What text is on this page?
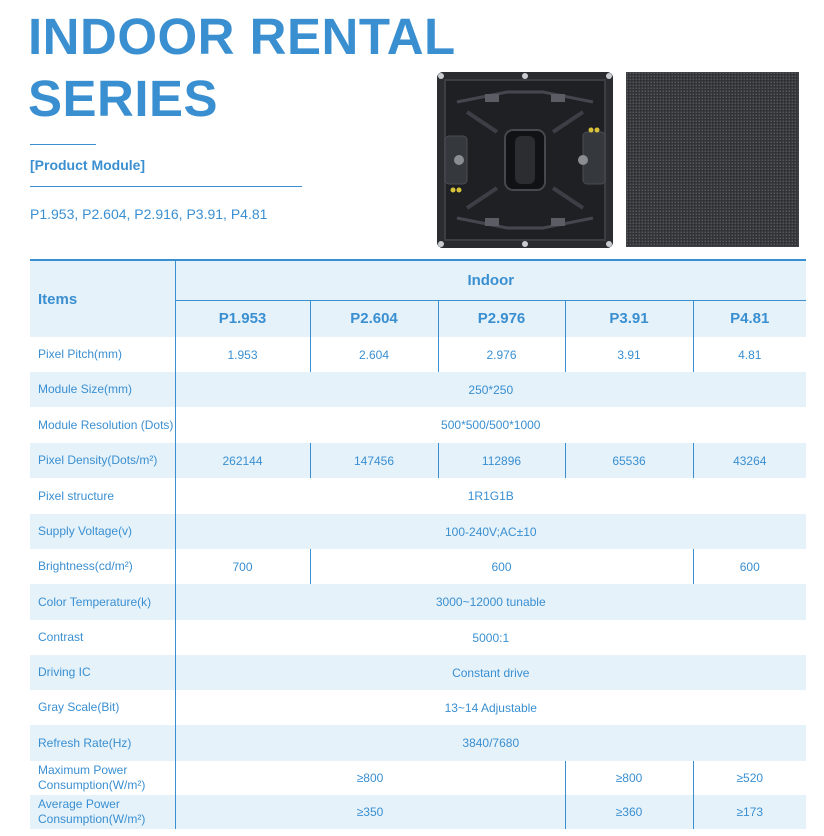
INDOOR RENTAL
SERIES
[Product Module]
P1.953, P2.604, P2.916, P3.91, P4.81
Items	Indoor				
	P1.953	P2.604	P2.976	P3.91	P4.81
Pixel Pitch(mm)	1.953	2.604	2.976	3.91	4.81
Module Size(mm)	250*250				
Module Resolution (Dots)	500*500/500*1000				
Pixel Density(Dots/m²)	262144	147456	112896	65536	43264
Pixel structure	1R1G1B				
Supply Voltage(v)	100-240V;AC±10				
Brightness(cd/m²)	700	600			600
Color Temperature(k)	3000~12000 tunable				
Contrast	5000:1				
Driving IC	Constant drive				
Gray Scale(Bit)	13~14 Adjustable				
Refresh Rate(Hz)	3840/7680				
Maximum Power Consumption(W/m²)	≥800			≥800	≥520
Average Power Consumption(W/m²)	≥350			≥360	≥173
